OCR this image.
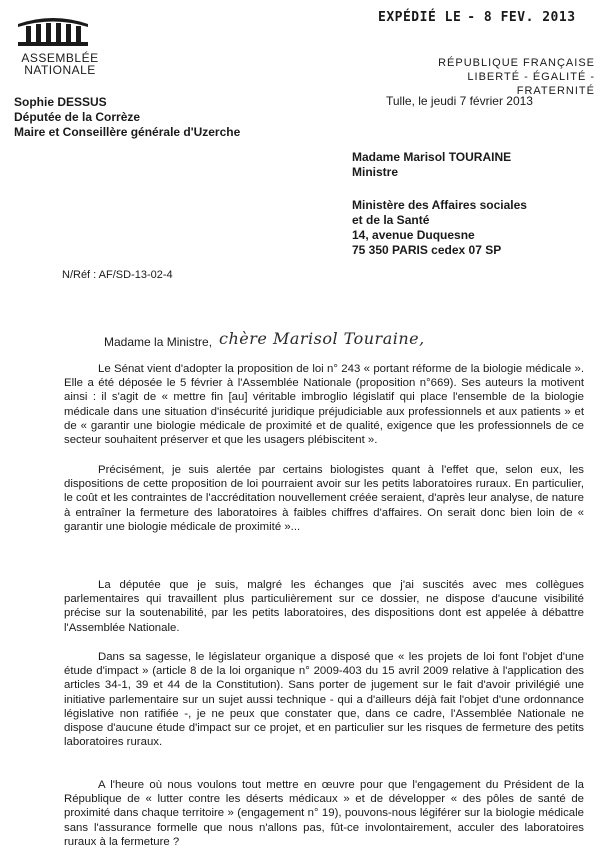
ASSEMBLÉE
NATIONALE
EXPÉDIÉ LE - 8 FEV. 2013
RÉPUBLIQUE FRANÇAISE
LIBERTÉ - ÉGALITÉ - FRATERNITÉ
Sophie DESSUS
Députée de la Corrèze
Maire et Conseillère générale d'Uzerche
Tulle, le jeudi 7 février 2013
Madame Marisol TOURAINE
Ministre
Ministère des Affaires sociales
et de la Santé
14, avenue Duquesne
75 350 PARIS cedex 07 SP
N/Réf : AF/SD-13-02-4
Madame la Ministre, chère Marisol Touraine,

Le Sénat vient d'adopter la proposition de loi n° 243 « portant réforme de la biologie médicale ». Elle a été déposée le 5 février à l'Assemblée Nationale (proposition n°669). Ses auteurs la motivent ainsi : il s'agit de « mettre fin [au] véritable imbroglio législatif qui place l'ensemble de la biologie médicale dans une situation d'insécurité juridique préjudiciable aux professionnels et aux patients » et de « garantir une biologie médicale de proximité et de qualité, exigence que les professionnels de ce secteur souhaitent préserver et que les usagers plébiscitent ».

Précisément, je suis alertée par certains biologistes quant à l'effet que, selon eux, les dispositions de cette proposition de loi pourraient avoir sur les petits laboratoires ruraux. En particulier, le coût et les contraintes de l'accréditation nouvellement créée seraient, d'après leur analyse, de nature à entraîner la fermeture des laboratoires à faibles chiffres d'affaires. On serait donc bien loin de « garantir une biologie médicale de proximité »...

La députée que je suis, malgré les échanges que j'ai suscités avec mes collègues parlementaires qui travaillent plus particulièrement sur ce dossier, ne dispose d'aucune visibilité précise sur la soutenabilité, par les petits laboratoires, des dispositions dont est appelée à débattre l'Assemblée Nationale.

Dans sa sagesse, le législateur organique a disposé que « les projets de loi font l'objet d'une étude d'impact » (article 8 de la loi organique n° 2009-403 du 15 avril 2009 relative à l'application des articles 34-1, 39 et 44 de la Constitution). Sans porter de jugement sur le fait d'avoir privilégié une initiative parlementaire sur un sujet aussi technique - qui a d'ailleurs déjà fait l'objet d'une ordonnance législative non ratifiée -, je ne peux que constater que, dans ce cadre, l'Assemblée Nationale ne dispose d'aucune étude d'impact sur ce projet, et en particulier sur les risques de fermeture des petits laboratoires ruraux.

A l'heure où nous voulons tout mettre en œuvre pour que l'engagement du Président de la République de « lutter contre les déserts médicaux » et de développer « des pôles de santé de proximité dans chaque territoire » (engagement n° 19), pouvons-nous légiférer sur la biologie médicale sans l'assurance formelle que nous n'allons pas, fût-ce involontairement, acculer des laboratoires ruraux à la fermeture ?
